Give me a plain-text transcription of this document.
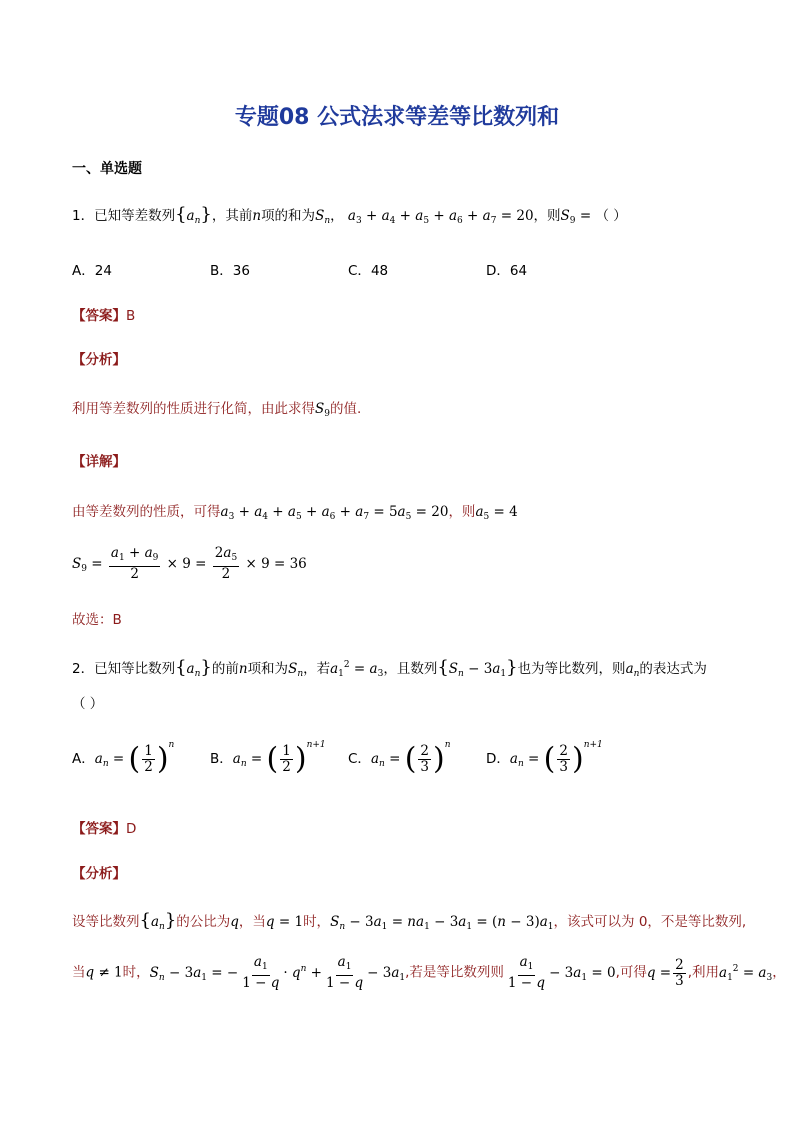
专题08 公式法求等差等比数列和
一、单选题
1．已知等差数列$\{a_n\}$，其前n项的和为$S_n$， $a_3 + a_4 + a_5 + a_6 + a_7 = 20$，则$S_9$ = （ ）
A．24	B．36	C．48	D．64
【答案】B
【分析】
利用等差数列的性质进行化简，由此求得$S_9$的值.
【详解】
由等差数列的性质，可得$a_3 + a_4 + a_5 + a_6 + a_7 = 5a_5 = 20$，则$a_5 = 4$
$S_9 = \frac{a_1 + a_9}{2} \times 9 = \frac{2a_5}{2} \times 9 = 36$
故选：B
2．已知等比数列$\{a_n\}$的前n项和为$S_n$，若$a_1^2 = a_3$，且数列$\{S_n - 3a_1\}$也为等比数列，则$a_n$的表达式为
（ ）
A．$a_n$ = ( $\frac{1}{2} )^n$
B．$a_n$ = ( $\frac{1}{2} )^{n+1}$
C．$a_n$ = ( $\frac{2}{3} )^n$
D．$a_n$ = ( $\frac{2}{3} )^{n+1}$
【答案】D
【分析】
设等比数列$\{a_n\}$的公比为q，当q = 1时，$S_n - 3a_1 = na_1 - 3a_1 = (n - 3)a_1$，该式可以为 0，不是等比数列,
当q ≠ 1时，$S_n - 3a_1$ = − $\frac{a_1}{1 - q} \cdot q^n + \frac{a_1}{1 - q} - 3a_1$,若是等比数列则 $\frac{a_1}{1 - q} - 3a_1 = 0$,可得$q = \frac{2}{3}$ ,利用$a_1^2 = a_3$，
